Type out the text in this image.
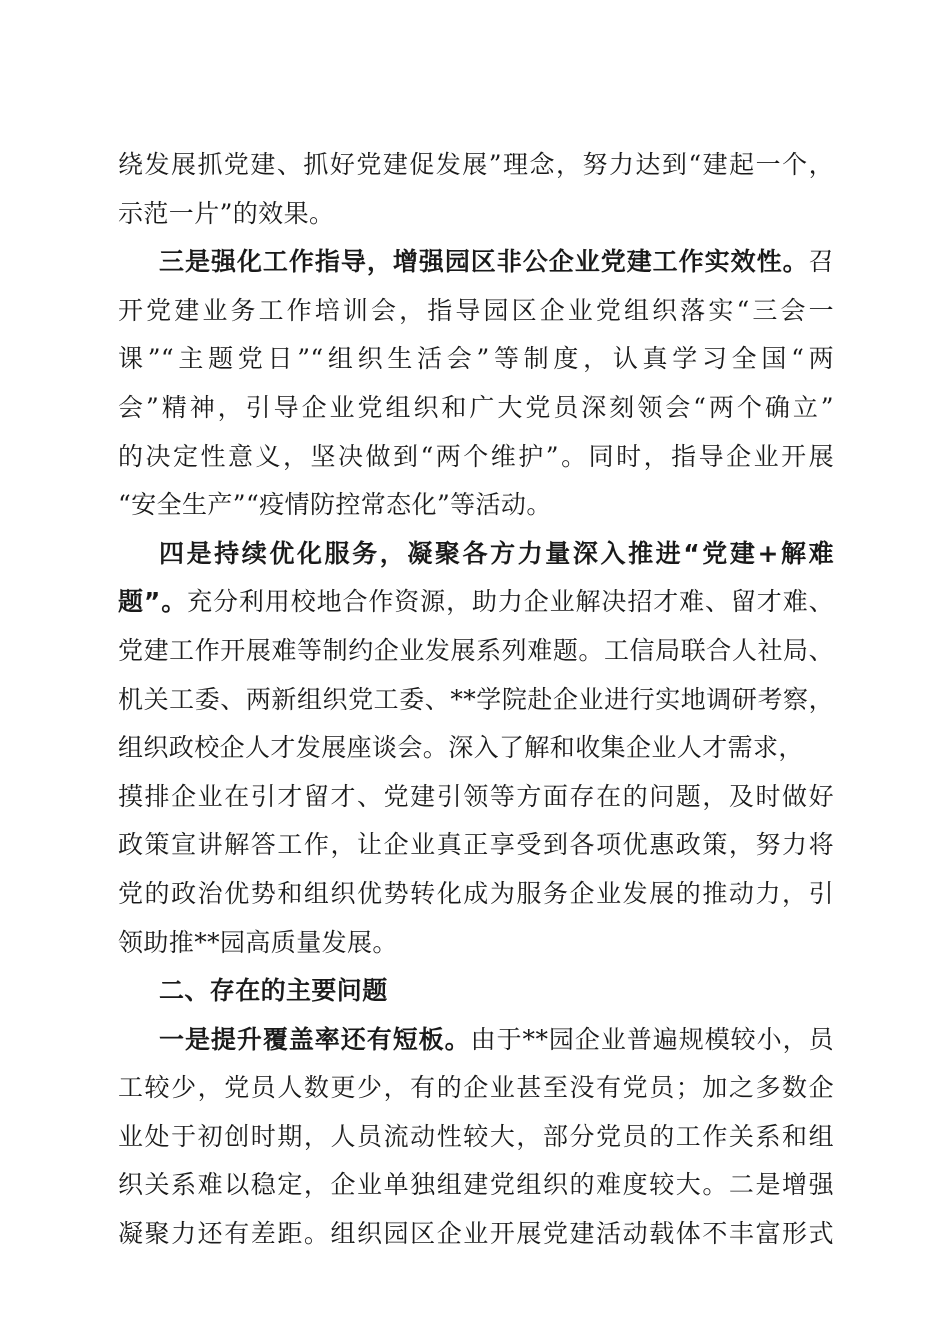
绕发展抓党建、抓好党建促发展”理念，努力达到“建起一个，
示范一片”的效果。
三是强化工作指导，增强园区非公企业党建工作实效性。召
开党建业务工作培训会，指导园区企业党组织落实“三会一
课”“主题党日”“组织生活会”等制度，认真学习全国“两
会”精神，引导企业党组织和广大党员深刻领会“两个确立”
的决定性意义，坚决做到“两个维护”。同时，指导企业开展
“安全生产”“疫情防控常态化”等活动。
四是持续优化服务，凝聚各方力量深入推进“党建+解难
题”。充分利用校地合作资源，助力企业解决招才难、留才难、
党建工作开展难等制约企业发展系列难题。工信局联合人社局、
机关工委、两新组织党工委、**学院赴企业进行实地调研考察，
组织政校企人才发展座谈会。深入了解和收集企业人才需求，
摸排企业在引才留才、党建引领等方面存在的问题，及时做好
政策宣讲解答工作，让企业真正享受到各项优惠政策，努力将
党的政治优势和组织优势转化成为服务企业发展的推动力，引
领助推**园高质量发展。
二、存在的主要问题
一是提升覆盖率还有短板。由于**园企业普遍规模较小，员
工较少，党员人数更少，有的企业甚至没有党员；加之多数企
业处于初创时期，人员流动性较大，部分党员的工作关系和组
织关系难以稳定，企业单独组建党组织的难度较大。二是增强
凝聚力还有差距。组织园区企业开展党建活动载体不丰富形式
